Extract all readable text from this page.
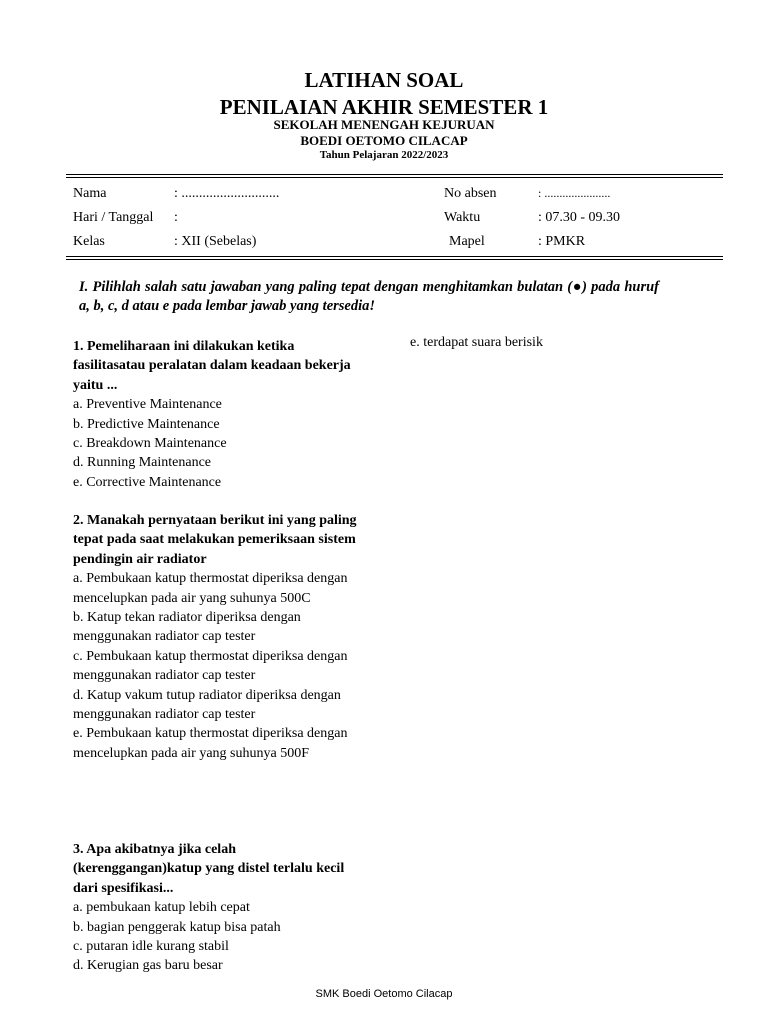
LATIHAN SOAL
PENILAIAN AKHIR SEMESTER 1
SEKOLAH MENENGAH KEJURUAN
BOEDI OETOMO CILACAP
Tahun Pelajaran 2022/2023
Nama	: ............................	No absen	: ......................
Hari / Tanggal :	Waktu	: 07.30 - 09.30
Kelas	: XII (Sebelas)	Mapel	: PMKR
I. Pilihlah salah satu jawaban yang paling tepat dengan menghitamkan bulatan (●) pada huruf a, b, c, d atau e pada lembar jawab yang tersedia!
1. Pemeliharaan ini dilakukan ketika fasilitasatau peralatan dalam keadaan bekerja yaitu ...
a. Preventive Maintenance
b. Predictive Maintenance
c. Breakdown Maintenance
d. Running Maintenance
e. Corrective Maintenance
2. Manakah pernyataan berikut ini yang paling tepat pada saat melakukan pemeriksaan sistem pendingin air radiator
a. Pembukaan katup thermostat diperiksa dengan mencelupkan pada air yang suhunya 500C
b. Katup tekan radiator diperiksa dengan menggunakan radiator cap tester
c. Pembukaan katup thermostat diperiksa dengan menggunakan radiator cap tester
d. Katup vakum tutup radiator diperiksa dengan menggunakan radiator cap tester
e. Pembukaan katup thermostat diperiksa dengan mencelupkan pada air yang suhunya 500F
3. Apa akibatnya jika celah (kerenggangan)katup yang distel terlalu kecil dari spesifikasi...
a. pembukaan katup lebih cepat
b. bagian penggerak katup bisa patah
c. putaran idle kurang stabil
d. Kerugian gas baru besar
e. terdapat suara berisik
SMK Boedi Oetomo Cilacap
